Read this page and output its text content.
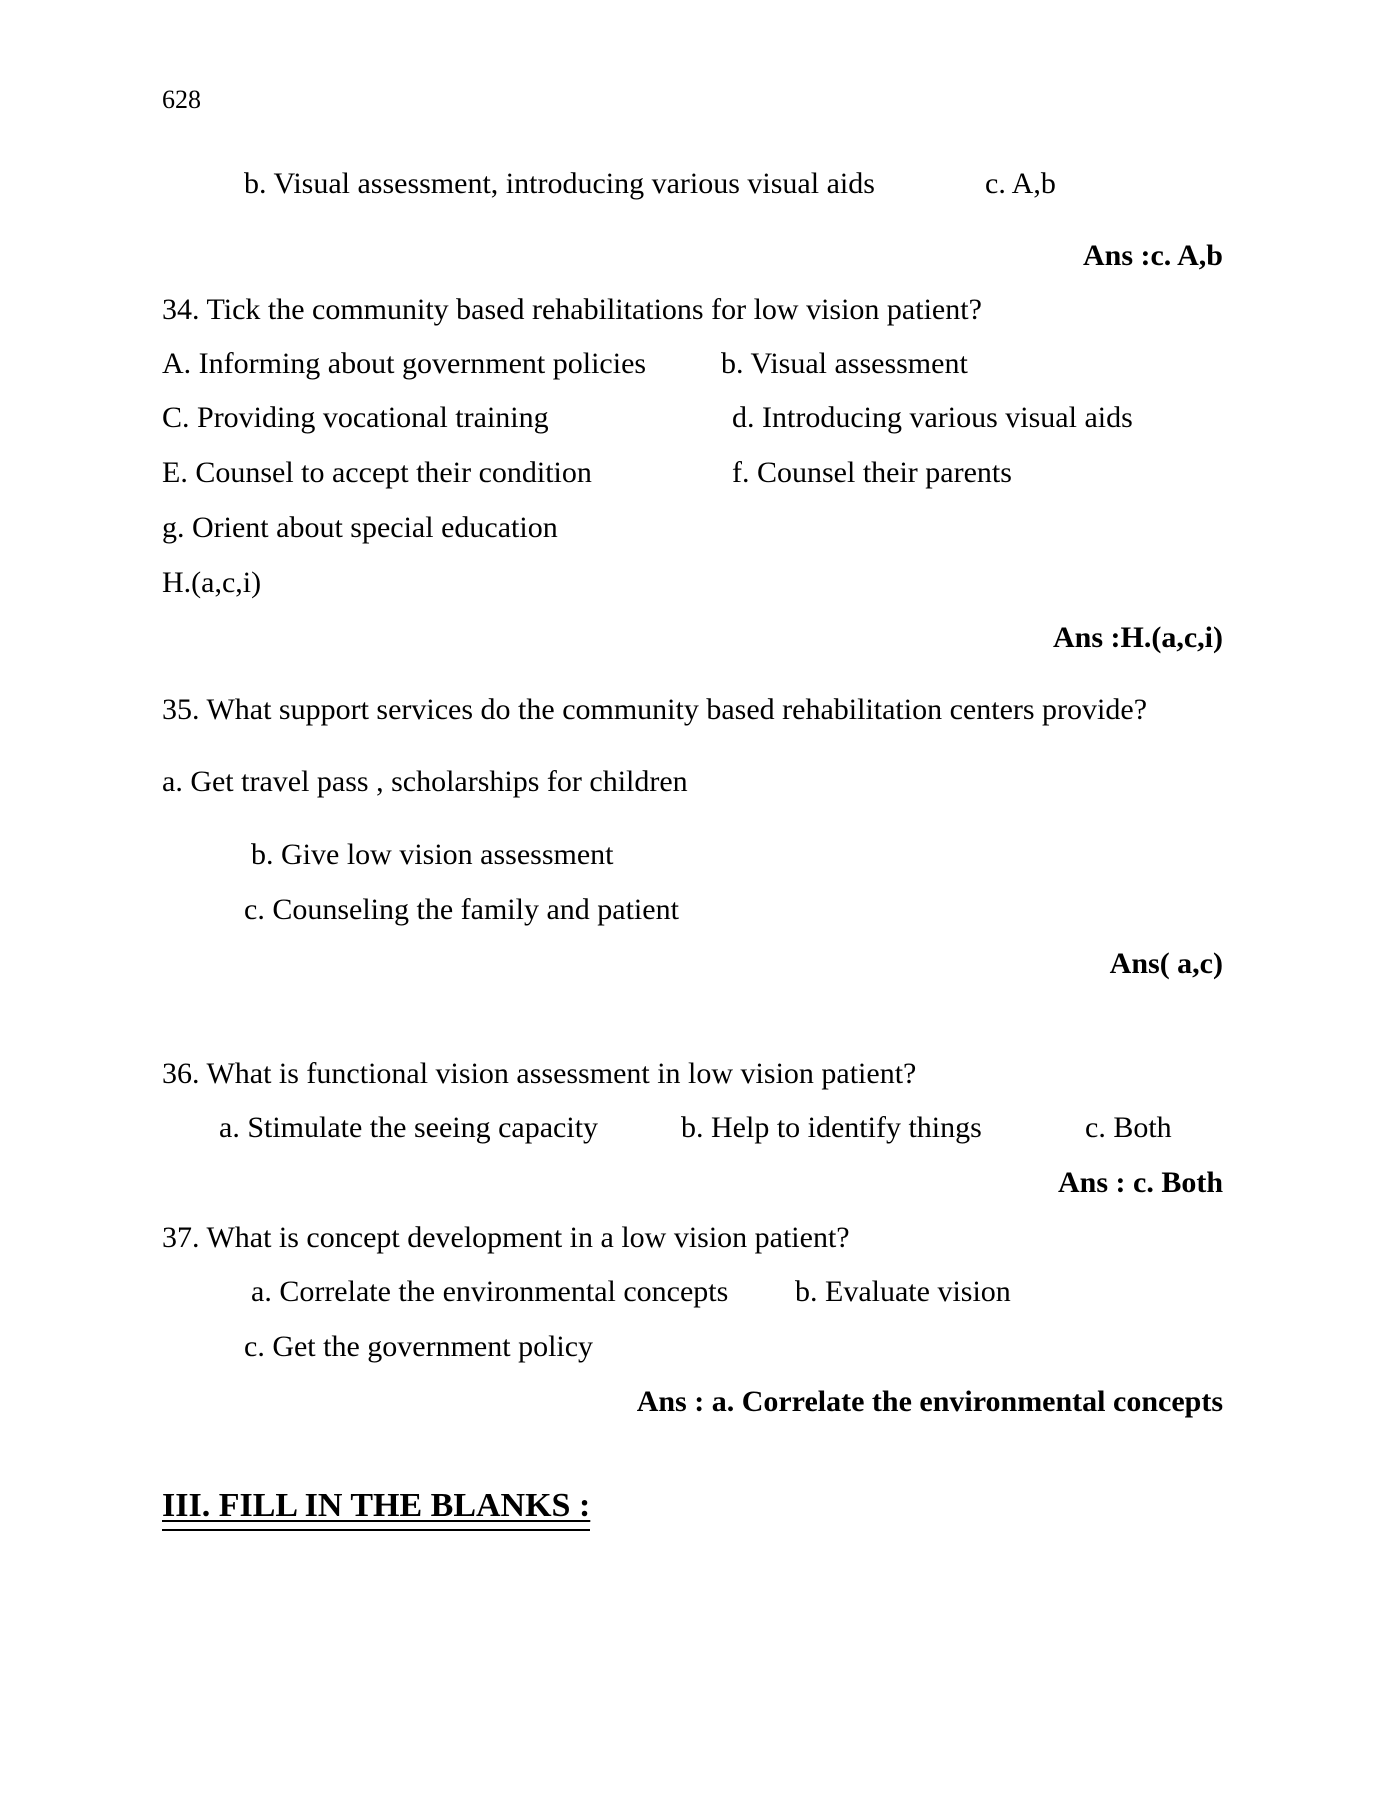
628
b. Visual assessment, introducing various visual aids	c. A,b
Ans :c. A,b
34. Tick the community based rehabilitations for low vision patient?
A. Informing about government policies b. Visual assessment
C. Providing vocational training	d. Introducing various visual aids
E. Counsel to accept their condition	f. Counsel their parents
g. Orient about special education
H.(a,c,i)
Ans :H.(a,c,i)
35. What support services do the community based rehabilitation centers provide?
a. Get travel pass , scholarships for children
b. Give low vision assessment
c. Counseling the family and patient
Ans( a,c)
36. What is functional vision assessment in low vision patient?
a. Stimulate the seeing capacity	b. Help to identify things	c. Both
Ans : c. Both
37. What is concept development in a low vision patient?
a. Correlate the environmental concepts b. Evaluate vision
c. Get the government policy
Ans : a. Correlate the environmental concepts
III. FILL IN THE BLANKS :
